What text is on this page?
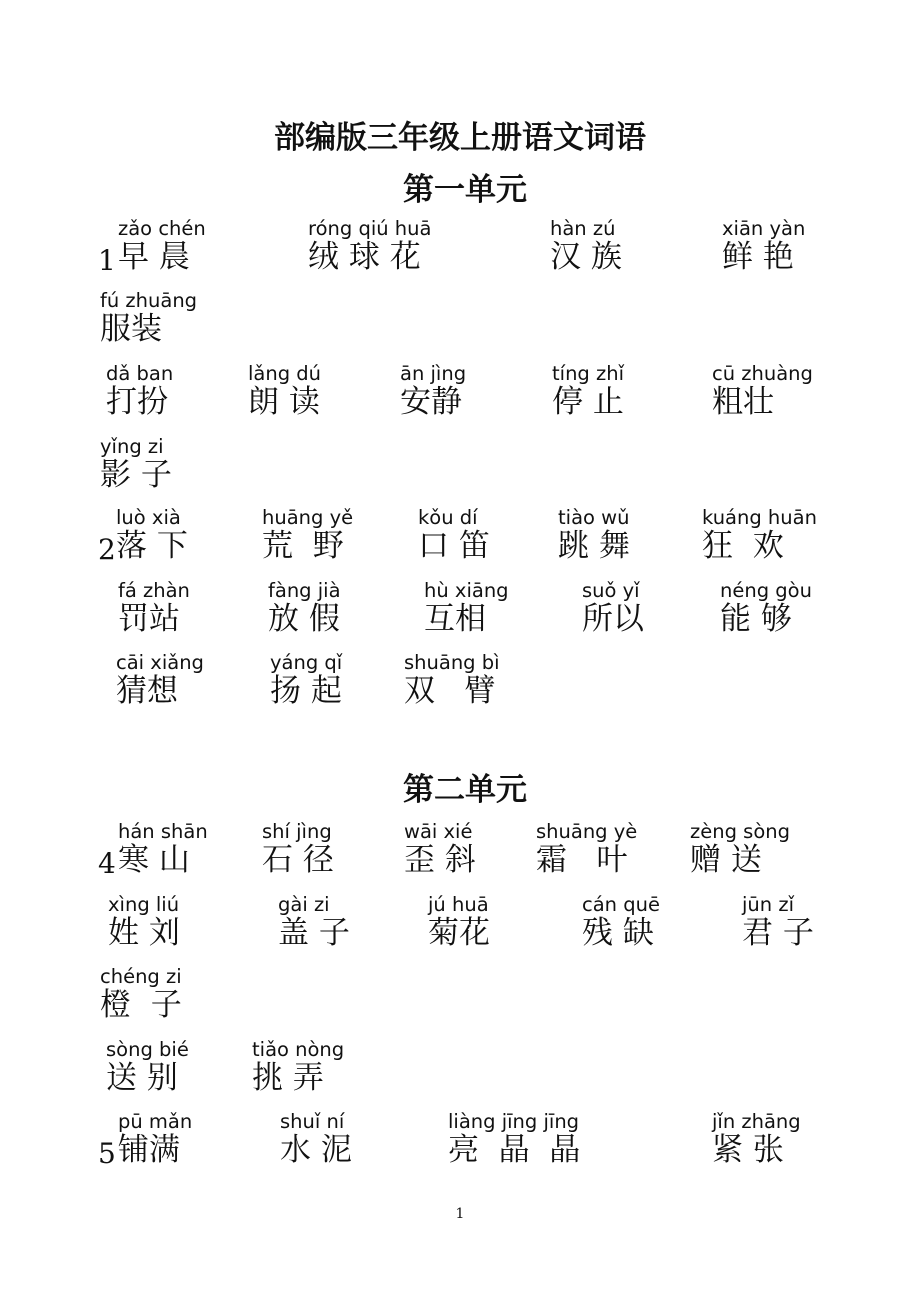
部编版三年级上册语文词语
第一单元
1
zǎo chén
早 晨
róng qiú huā
绒 球 花
hàn zú
汉 族
xiān yàn
鲜 艳
fú zhuāng
服装
dǎ ban
打扮
lǎng dú
朗 读
ān jìng
安静
tíng zhǐ
停 止
cū zhuàng
粗壮
yǐng zi
影 子
2
luò xià
落 下
huāng yě
荒  野
kǒu dí
口 笛
tiào wǔ
跳 舞
kuáng huān
狂  欢
fá zhàn
罚站
fàng jià
放 假
hù xiāng
互相
suǒ yǐ
所以
néng gòu
能 够
cāi xiǎng
猜想
yáng qǐ
扬 起
shuāng bì
双   臂
第二单元
4
hán shān
寒 山
shí jìng
石 径
wāi xié
歪 斜
shuāng yè
霜   叶
zèng sòng
赠 送
xìng liú
姓 刘
gài zi
盖 子
jú huā
菊花
cán quē
残 缺
jūn zǐ
君 子
chéng zi
橙  子
sòng bié
送 别
tiǎo nòng
挑 弄
5
pū mǎn
铺满
shuǐ ní
水 泥
liàng jīng jīng
亮  晶  晶
jǐn zhāng
紧 张
1
